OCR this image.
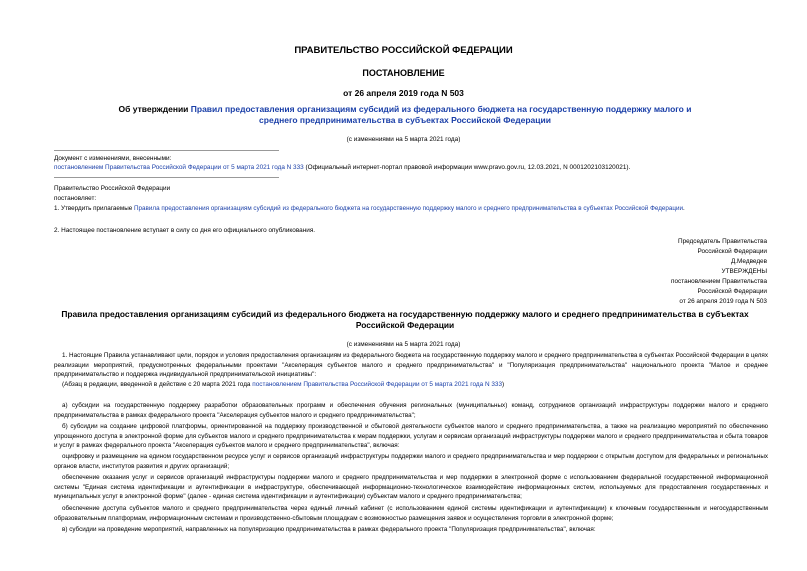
ПРАВИТЕЛЬСТВО РОССИЙСКОЙ ФЕДЕРАЦИИ
ПОСТАНОВЛЕНИЕ
от 26 апреля 2019 года N 503
Об утверждении Правил предоставления организациям субсидий из федерального бюджета на государственную поддержку малого и среднего предпринимательства в субъектах Российской Федерации
(с изменениями на 5 марта 2021 года)
Документ с изменениями, внесенными:
постановлением Правительства Российской Федерации от 5 марта 2021 года N 333 (Официальный интернет-портал правовой информации www.pravo.gov.ru, 12.03.2021, N 0001202103120021).
Правительство Российской Федерации
постановляет:
1. Утвердить прилагаемые Правила предоставления организациям субсидий из федерального бюджета на государственную поддержку малого и среднего предпринимательства в субъектах Российской Федерации.
2. Настоящее постановление вступает в силу со дня его официального опубликования.
Председатель Правительства
Российской Федерации
Д.Медведев
УТВЕРЖДЕНЫ
постановлением Правительства
Российской Федерации
от 26 апреля 2019 года N 503
Правила предоставления организациям субсидий из федерального бюджета на государственную поддержку малого и среднего предпринимательства в субъектах Российской Федерации
(с изменениями на 5 марта 2021 года)
1. Настоящие Правила устанавливают цели, порядок и условия предоставления организациям из федерального бюджета на государственную поддержку малого и среднего предпринимательства в субъектах Российской Федерации в целях реализации мероприятий, предусмотренных федеральными проектами "Акселерация субъектов малого и среднего предпринимательства" и "Популяризация предпринимательства" национального проекта "Малое и среднее предпринимательство и поддержка индивидуальной предпринимательской инициативы":
(Абзац в редакции, введенной в действие с 20 марта 2021 года постановлением Правительства Российской Федерации от 5 марта 2021 года N 333)
а) субсидии на государственную поддержку разработки образовательных программ и обеспечения обучения региональных (муниципальных) команд, сотрудников организаций инфраструктуры поддержки малого и среднего предпринимательства в рамках федерального проекта "Акселерация субъектов малого и среднего предпринимательства";
б) субсидии на создание цифровой платформы, ориентированной на поддержку производственной и сбытовой деятельности субъектов малого и среднего предпринимательства, а также на реализацию мероприятий по обеспечению упрощенного доступа в электронной форме для субъектов малого и среднего предпринимательства к мерам поддержки, услугам и сервисам организаций инфраструктуры поддержки малого и среднего предпринимательства и сбыта товаров и услуг в рамках федерального проекта "Акселерация субъектов малого и среднего предпринимательства", включая:
оцифровку и размещение на едином государственном ресурсе услуг и сервисов организаций инфраструктуры поддержки малого и среднего предпринимательства и мер поддержки с открытым доступом для федеральных и региональных органов власти, институтов развития и других организаций;
обеспечение оказания услуг и сервисов организаций инфраструктуры поддержки малого и среднего предпринимательства и мер поддержки в электронной форме с использованием федеральной государственной информационной системы "Единая система идентификации и аутентификации в инфраструктуре, обеспечивающей информационно-технологическое взаимодействие информационных систем, используемых для предоставления государственных и муниципальных услуг в электронной форме" (далее - единая система идентификации и аутентификации) субъектам малого и среднего предпринимательства;
обеспечение доступа субъектов малого и среднего предпринимательства через единый личный кабинет (с использованием единой системы идентификации и аутентификации) к ключевым государственным и негосударственным образовательным платформам, информационным системам и производственно-сбытовым площадкам с возможностью размещения заявок и осуществления торговли в электронной форме;
в) субсидии на проведение мероприятий, направленных на популяризацию предпринимательства в рамках федерального проекта "Популяризация предпринимательства", включая:
